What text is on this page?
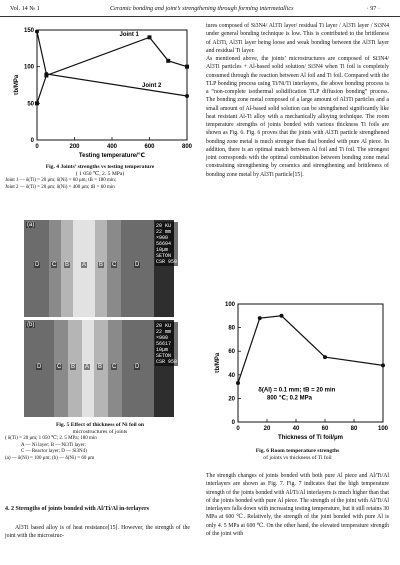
Vol. 14 № 1	Ceramic bonding and joint’s strengthening through forming intermetallics	· 97 ·
0	200	400	600	800
0
50
100
150
Testing temperature/℃
τb/MPa
Joint 1
Joint 2
Fig. 4 Joints’ strengths vs testing temperature
( 1 050 ℃, 2. 5 MPa)
Joint 1 — δ(Ti) = 20 μm; δ(Ni) = 60 μm; tB = 180 min;
Joint 2 — δ(Ti) = 20 μm; δ(Ni) = 400 μm; tB = 60 min
(a)
D C B A B C	D
20 KU
22 mm
×900
56604
10μm
SETON
CSR 950
(b)
D	C B A B C	D
20 KU
22 mm
×900
56617
10μm
SETON
CSR 950
Fig. 5 Effect of thickness of Ni foil on
microstructures of joints
( δ(Ti) = 20 μm; 1 050 ℃; 2. 5 MPa; 180 min
A — Ni layer; B — Ni3Ti layer;
C — Reactor layer; D — Si3N4)
(a) — δ(Ni) = 100 μm; (b) — δ(Ni) = 60 μm
4. 2 Strengths of joints bonded with Al/Ti/Al in-terlayers

Al3Ti based alloy is of heat resistance[15]. However, the strength of the joint with the microstruc-

tures composed of Si3N4/ Al3Ti layer/ residual Ti layer / Al3Ti layer / Si3N4 under general bonding technique is low. This is contributed to the brittleness of Al3Ti, Al3Ti layer being loose and weak bonding between the Al3Ti layer and residual Ti layer.
As mentioned above, the joints’ microstructures are composed of Si3N4/ Al3Ti particles + Al-based solid solution/ Si3N4 when Ti foil is completely consumed through the reaction between Al foil and Ti foil. Compared with the TLP bonding process using Ti/Ni/Ti interlayers, the above bonding process is a “non-complete isothermal solidification TLP diffusion bonding” process. The bonding zone metal composed of a large amount of Al3Ti particles and a small amount of Al-based solid solution can be strengthened significantly like heat resistant Al-Ti alloy with a mechanically alloying technique. The room temperature strengths of joints bonded with various thickness Ti foils are shown as Fig. 6. Fig. 6 proves that the joints with Al3Ti particle strengthened bonding zone metal is much stronger than that bonded with pure Al piece. In addition, there is an optimal match between Al foil and Ti foil. The strongest joint corresponds with the optimal combination between bonding zone metal constraining strengthening by ceramics and strengthening and brittleness of bonding zone metal by Al3Ti particle[15].

0	20	40	60	80	100
0
20
40
60
80
100
Thickness of Ti foil/μm
τb/MPa
δ(Al) = 0.1 mm; tB = 20 min
800 ℃; 0.2 MPa
Fig. 6 Room temperature strengths
of joints vs thickness of Ti foil

The strength changes of joints bonded with both pure Al piece and Al/Ti/Al interlayers are shown as Fig. 7. Fig. 7 indicates that the high temperature strength of the joints bonded with Al/Ti/Al interlayers is much higher than that of the joints bonded with pure Al piece. The strength of the joint with Al/Ti/Al interlayers falls down with increasing testing temperature, but it still retains 30 MPa at 600 ℃. Relatively, the strength of the joint bonded with pure Al is only 4. 5 MPa at 600 ℃. On the other hand, the elevated temperature strength of the joint with
